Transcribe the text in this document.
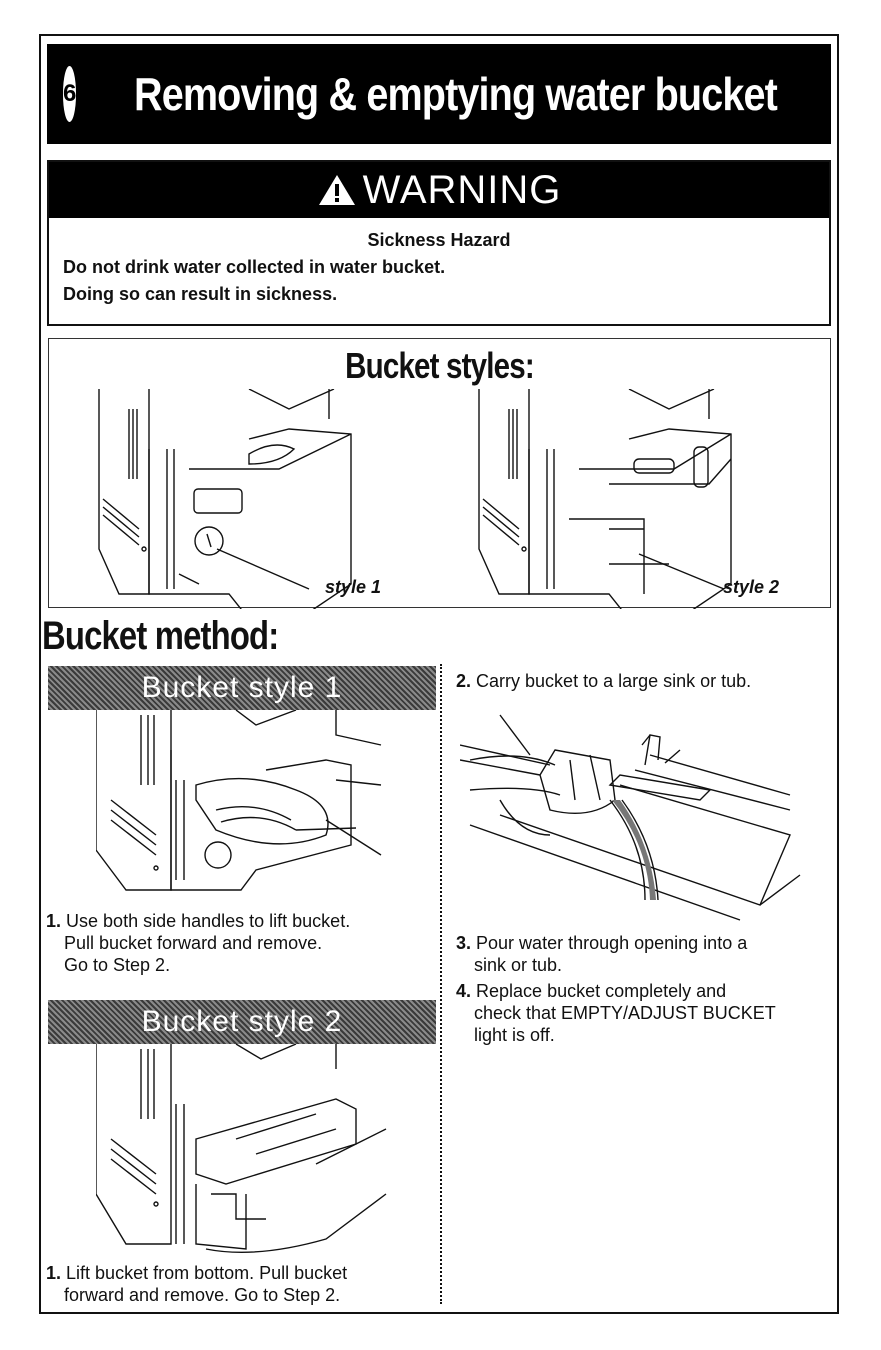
6 Removing & emptying water bucket
WARNING
Sickness Hazard
Do not drink water collected in water bucket.
Doing so can result in sickness.
Bucket styles:
style 1	style 2
Bucket method:
Bucket style 1
1. Use both side handles to lift bucket.
Pull bucket forward and remove.
Go to Step 2.
Bucket style 2
1. Lift bucket from bottom. Pull bucket
forward and remove. Go to Step 2.
2. Carry bucket to a large sink or tub.
3. Pour water through opening into a
sink or tub.
4. Replace bucket completely and
check that EMPTY/ADJUST BUCKET
light is off.
